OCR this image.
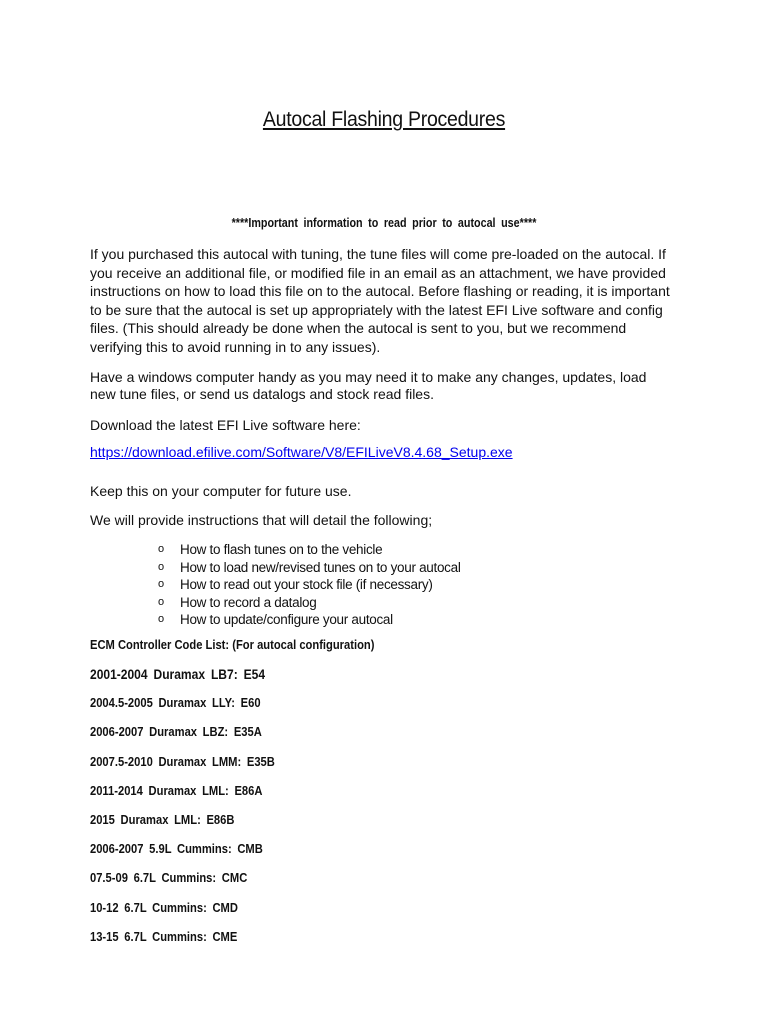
Autocal Flashing Procedures
****Important information to read prior to autocal use****

If you purchased this autocal with tuning, the tune files will come pre-loaded on the autocal. If you receive an additional file, or modified file in an email as an attachment, we have provided instructions on how to load this file on to the autocal. Before flashing or reading, it is important to be sure that the autocal is set up appropriately with the latest EFI Live software and config files. (This should already be done when the autocal is sent to you, but we recommend verifying this to avoid running in to any issues).

Have a windows computer handy as you may need it to make any changes, updates, load new tune files, or send us datalogs and stock read files.

Download the latest EFI Live software here:

https://download.efilive.com/Software/V8/EFILiveV8.4.68_Setup.exe

Keep this on your computer for future use.

We will provide instructions that will detail the following;

o How to flash tunes on to the vehicle
o How to load new/revised tunes on to your autocal
o How to read out your stock file (if necessary)
o How to record a datalog
o How to update/configure your autocal
ECM Controller Code List: (For autocal configuration)
2001-2004 Duramax LB7: E54
2004.5-2005 Duramax LLY: E60
2006-2007 Duramax LBZ: E35A
2007.5-2010 Duramax LMM: E35B
2011-2014 Duramax LML: E86A
2015 Duramax LML: E86B
2006-2007 5.9L Cummins: CMB
07.5-09 6.7L Cummins: CMC
10-12 6.7L Cummins: CMD
13-15 6.7L Cummins: CME
